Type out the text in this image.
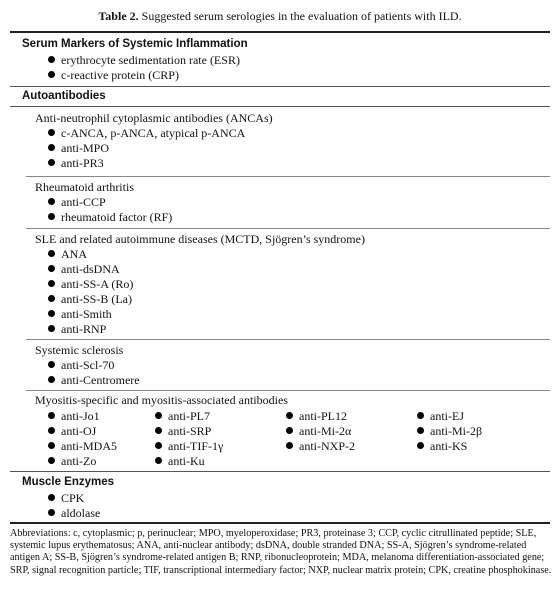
Table 2. Suggested serum serologies in the evaluation of patients with ILD.
Serum Markers of Systemic Inflammation
erythrocyte sedimentation rate (ESR)
c-reactive protein (CRP)
Autoantibodies
Anti-neutrophil cytoplasmic antibodies (ANCAs)
c-ANCA, p-ANCA, atypical p-ANCA
anti-MPO
anti-PR3
Rheumatoid arthritis
anti-CCP
rheumatoid factor (RF)
SLE and related autoimmune diseases (MCTD, Sjögren’s syndrome)
ANA
anti-dsDNA
anti-SS-A (Ro)
anti-SS-B (La)
anti-Smith
anti-RNP
Systemic sclerosis
anti-Scl-70
anti-Centromere
Myositis-specific and myositis-associated antibodies
anti-Jo1	anti-PL7	anti-PL12	anti-EJ
anti-OJ	anti-SRP	anti-Mi-2α	anti-Mi-2β
anti-MDA5	anti-TIF-1γ	anti-NXP-2	anti-KS
anti-Zo	anti-Ku
Muscle Enzymes
CPK
aldolase
Abbreviations: c, cytoplasmic; p, perinuclear; MPO, myeloperoxidase; PR3, proteinase 3; CCP, cyclic citrullinated peptide; SLE, systemic lupus erythematosus; ANA, anti-nuclear antibody; dsDNA, double stranded DNA; SS-A, Sjögren’s syndrome-related antigen A; SS-B, Sjögren’s syndrome-related antigen B; RNP, ribonucleoprotein; MDA, melanoma differentiation-associated gene; SRP, signal recognition particle; TIF, transcriptional intermediary factor; NXP, nuclear matrix protein; CPK, creatine phosphokinase.
